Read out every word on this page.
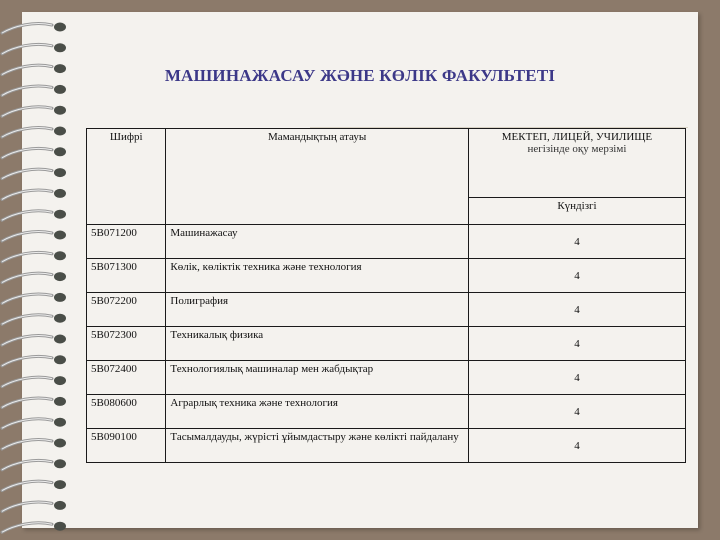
МАШИНАЖАСАУ ЖӘНЕ КӨЛІК ФАКУЛЬТЕТІ
Шифрі	Мамандықтың атауы	МЕКТЕП, ЛИЦЕЙ, УЧИЛИЩЕ
негізінде оқу мерзімі

		Күндізгі
5В071200	Машинажасау	4
5В071300	Көлік, көліктік техника және технология	4
5В072200	Полиграфия	4
5В072300	Техникалық физика	4
5В072400	Технологиялық машиналар мен жабдықтар	4
5В080600	Аграрлық техника және технология	4
5В090100	Тасымалдауды, жүрісті ұйымдастыру және көлікті пайдалану	4
